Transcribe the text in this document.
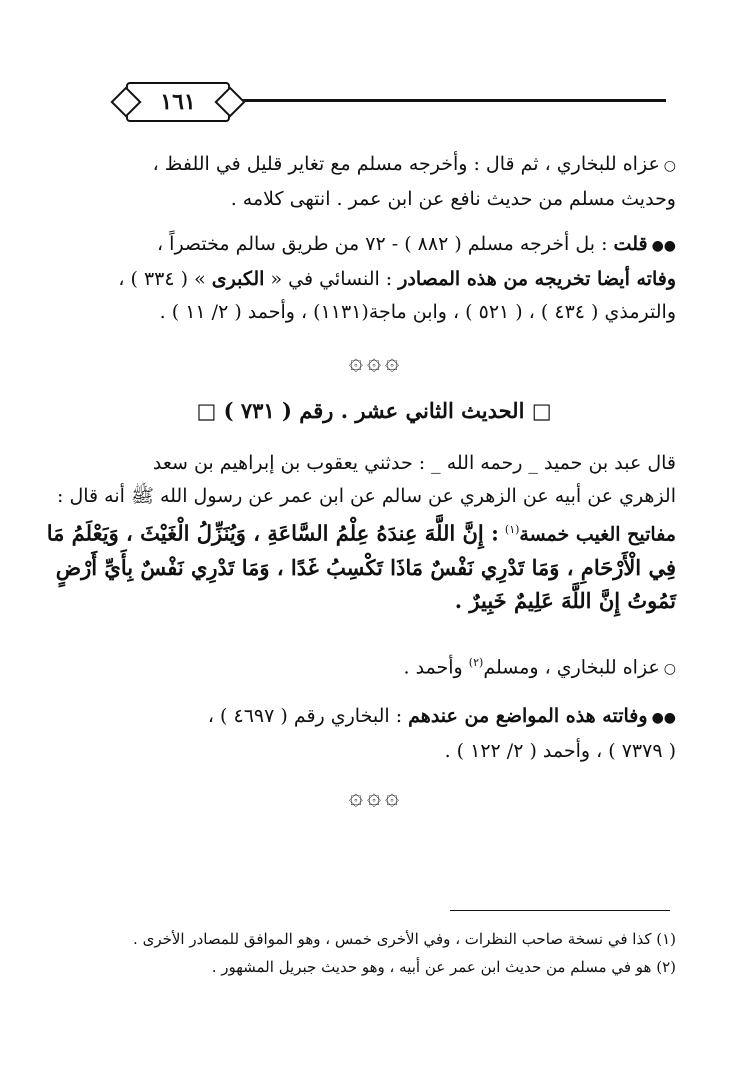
١٦١
○عزاه للبخاري ، ثم قال : وأخرجه مسلم مع تغاير قليل في اللفظ ،
وحديث مسلم من حديث نافع عن ابن عمر . انتهى كلامه .
●●قلت : بل أخرجه مسلم ( ٨٨٢ ) - ٧٢ من طريق سالم مختصراً ،
وفاته أيضا تخريجه من هذه المصادر : النسائي في « الكبرى » ( ٣٣٤ ) ،
والترمذي ( ٤٣٤ ) ، ( ٥٢١ ) ، وابن ماجة(١١٣١) ، وأحمد ( ٢/ ١١ ) .
۞ ۞ ۞
□ الحديث الثاني عشر . رقم ( ٧٣١ ) □
قال عبد بن حميد _ رحمه الله _ : حدثني يعقوب بن إبراهيم بن سعد
الزهري عن أبيه عن الزهري عن سالم عن ابن عمر عن رسول الله ﷺ أنه قال :
مفاتيح الغيب خمسة$^{(١)}$ : إِنَّ اللَّهَ عِندَهُ عِلْمُ السَّاعَةِ ، وَيُنَزِّلُ الْغَيْثَ ، وَيَعْلَمُ مَا
فِي الْأَرْحَامِ ، وَمَا تَدْرِي نَفْسٌ مَاذَا تَكْسِبُ غَدًا ، وَمَا تَدْرِي نَفْسٌ بِأَيِّ أَرْضٍ
تَمُوتُ إِنَّ اللَّهَ عَلِيمٌ خَبِيرٌ .
○عزاه للبخاري ، ومسلم$^{(٢)}$ وأحمد .
●●وفاتته هذه المواضع من عندهم : البخاري رقم ( ٤٦٩٧ ) ،
( ٧٣٧٩ ) ، وأحمد ( ٢/ ١٢٢ ) .
۞ ۞ ۞
(١) كذا في نسخة صاحب النظرات ، وفي الأخرى خمس ، وهو الموافق للمصادر الأخرى .
(٢) هو في مسلم من حديث ابن عمر عن أبيه ، وهو حديث جبريل المشهور .
